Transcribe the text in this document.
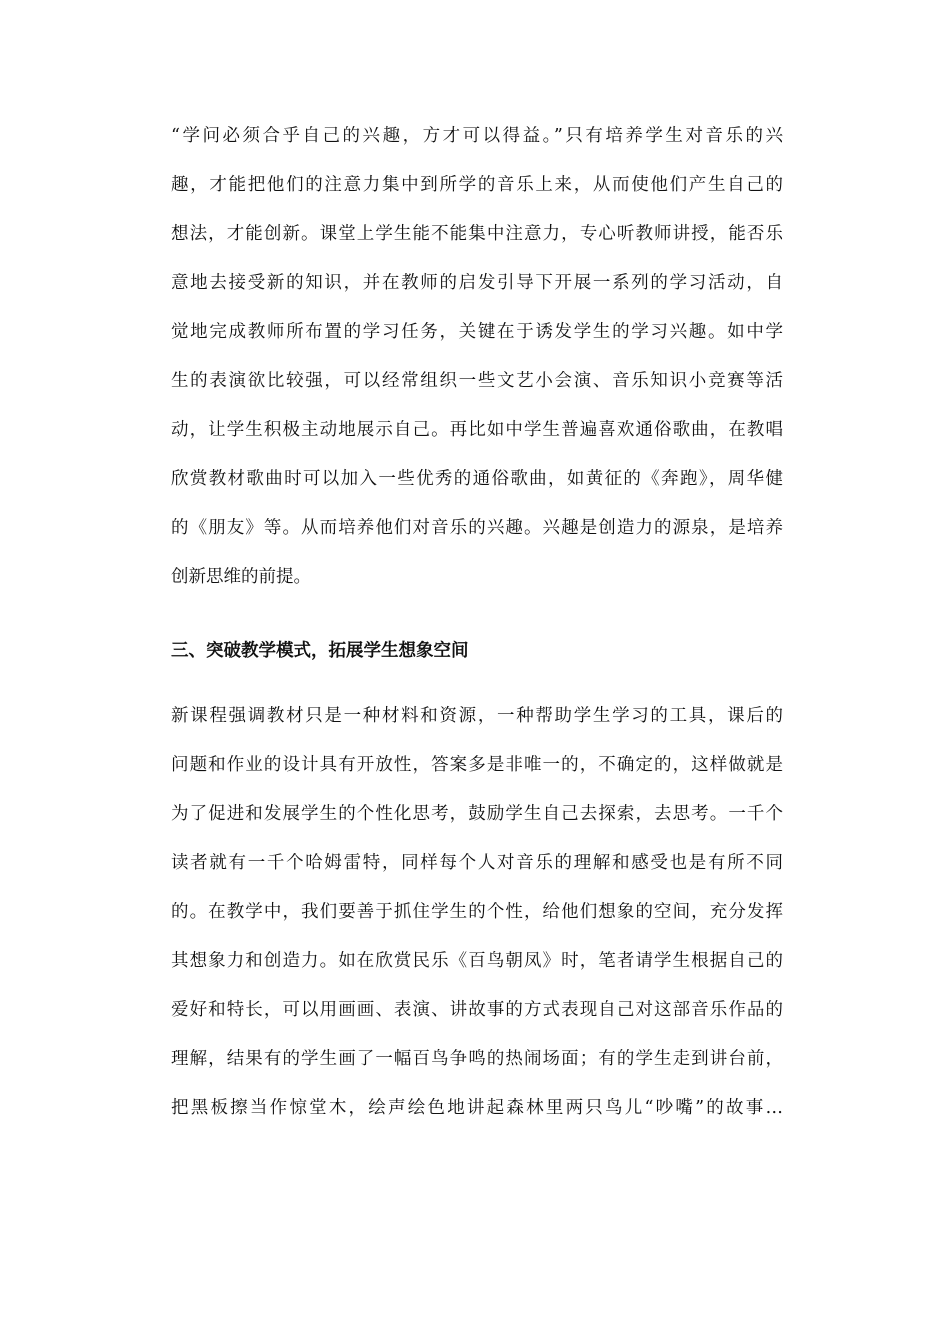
“学问必须合乎自己的兴趣，方才可以得益。”只有培养学生对音乐的兴
趣，才能把他们的注意力集中到所学的音乐上来，从而使他们产生自己的
想法，才能创新。课堂上学生能不能集中注意力，专心听教师讲授，能否乐
意地去接受新的知识，并在教师的启发引导下开展一系列的学习活动，自
觉地完成教师所布置的学习任务，关键在于诱发学生的学习兴趣。如中学
生的表演欲比较强，可以经常组织一些文艺小会演、音乐知识小竞赛等活
动，让学生积极主动地展示自己。再比如中学生普遍喜欢通俗歌曲，在教唱
欣赏教材歌曲时可以加入一些优秀的通俗歌曲，如黄征的《奔跑》，周华健
的《朋友》等。从而培养他们对音乐的兴趣。兴趣是创造力的源泉，是培养
创新思维的前提。
三、突破教学模式，拓展学生想象空间
新课程强调教材只是一种材料和资源，一种帮助学生学习的工具，课后的
问题和作业的设计具有开放性，答案多是非唯一的，不确定的，这样做就是
为了促进和发展学生的个性化思考，鼓励学生自己去探索，去思考。一千个
读者就有一千个哈姆雷特，同样每个人对音乐的理解和感受也是有所不同
的。在教学中，我们要善于抓住学生的个性，给他们想象的空间，充分发挥
其想象力和创造力。如在欣赏民乐《百鸟朝凤》时，笔者请学生根据自己的
爱好和特长，可以用画画、表演、讲故事的方式表现自己对这部音乐作品的
理解，结果有的学生画了一幅百鸟争鸣的热闹场面；有的学生走到讲台前，
把黑板擦当作惊堂木，绘声绘色地讲起森林里两只鸟儿“吵嘴”的故事…
